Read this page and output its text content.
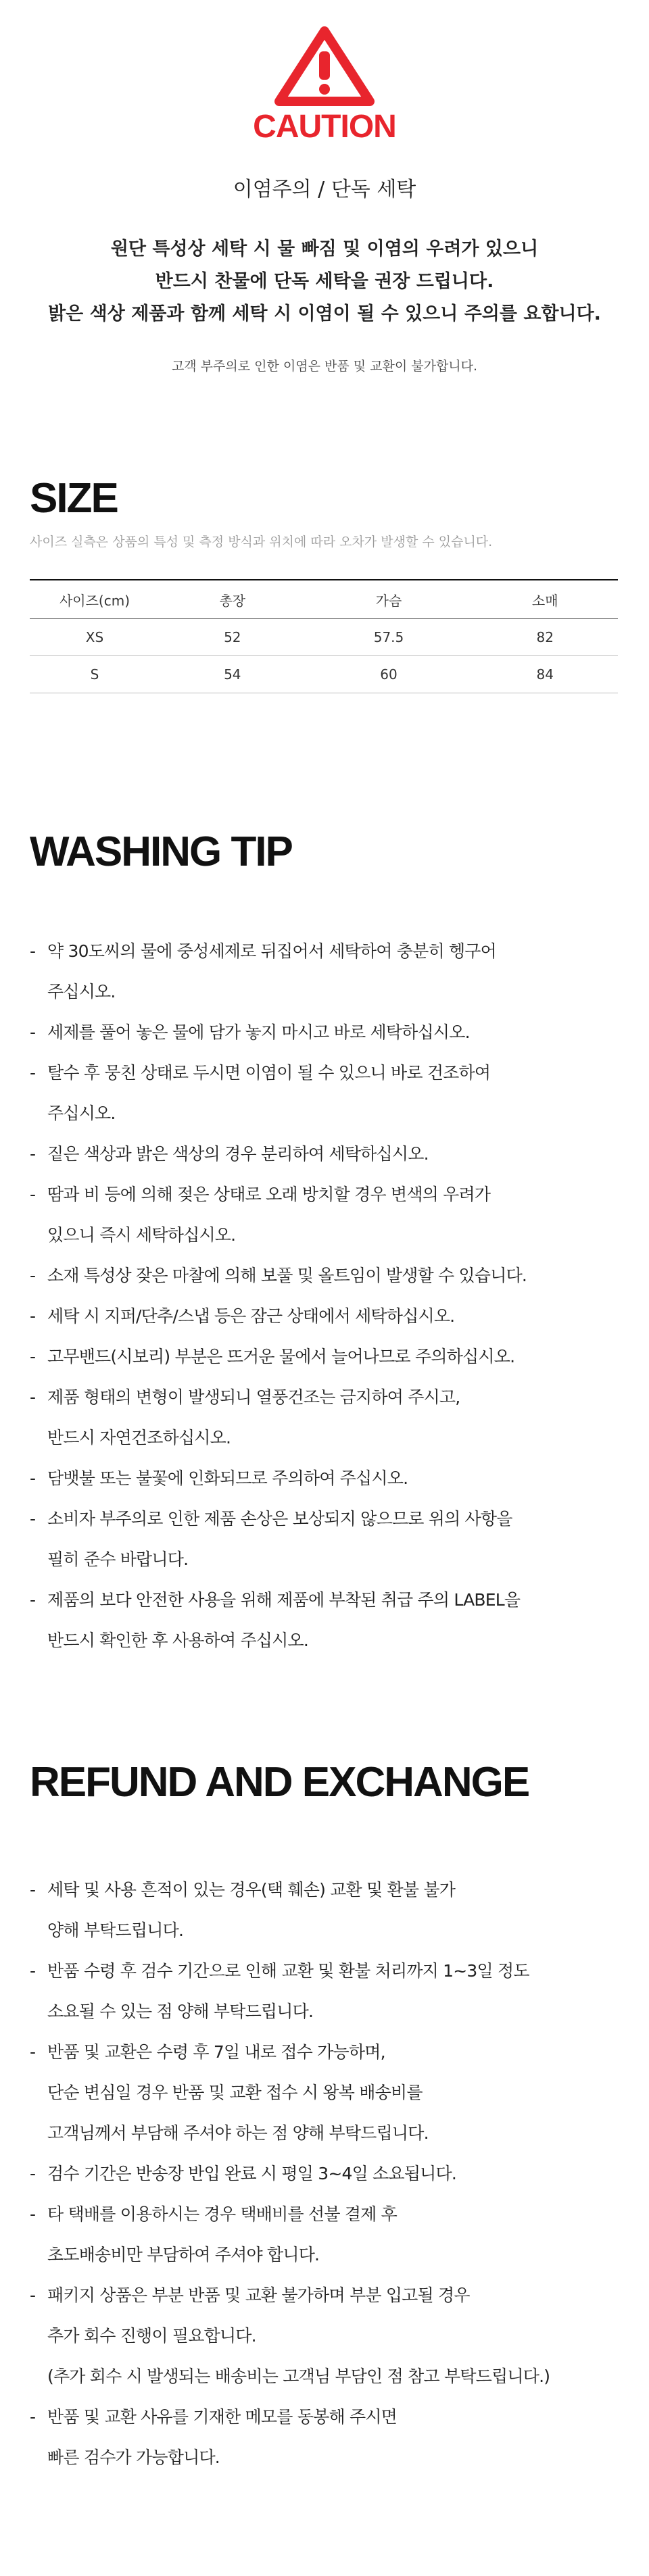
CAUTION
이염주의 / 단독 세탁
원단 특성상 세탁 시 물 빠짐 및 이염의 우려가 있으니
반드시 찬물에 단독 세탁을 권장 드립니다.
밝은 색상 제품과 함께 세탁 시 이염이 될 수 있으니 주의를 요합니다.
고객 부주의로 인한 이염은 반품 및 교환이 불가합니다.
SIZE
사이즈 실측은 상품의 특성 및 측정 방식과 위치에 따라 오차가 발생할 수 있습니다.
사이즈(cm)	총장	가슴	소매
XS	52	57.5	82
S	54	60	84
WASHING TIP
- 약 30도씨의 물에 중성세제로 뒤집어서 세탁하여 충분히 헹구어
주십시오.
- 세제를 풀어 놓은 물에 담가 놓지 마시고 바로 세탁하십시오.
- 탈수 후 뭉친 상태로 두시면 이염이 될 수 있으니 바로 건조하여
주십시오.
- 짙은 색상과 밝은 색상의 경우 분리하여 세탁하십시오.
- 땀과 비 등에 의해 젖은 상태로 오래 방치할 경우 변색의 우려가
있으니 즉시 세탁하십시오.
- 소재 특성상 잦은 마찰에 의해 보풀 및 올트임이 발생할 수 있습니다.
- 세탁 시 지퍼/단추/스냅 등은 잠근 상태에서 세탁하십시오.
- 고무밴드(시보리) 부분은 뜨거운 물에서 늘어나므로 주의하십시오.
- 제품 형태의 변형이 발생되니 열풍건조는 금지하여 주시고,
반드시 자연건조하십시오.
- 담뱃불 또는 불꽃에 인화되므로 주의하여 주십시오.
- 소비자 부주의로 인한 제품 손상은 보상되지 않으므로 위의 사항을
필히 준수 바랍니다.
- 제품의 보다 안전한 사용을 위해 제품에 부착된 취급 주의 LABEL을
반드시 확인한 후 사용하여 주십시오.
REFUND AND EXCHANGE
- 세탁 및 사용 흔적이 있는 경우(택 훼손) 교환 및 환불 불가
양해 부탁드립니다.
- 반품 수령 후 검수 기간으로 인해 교환 및 환불 처리까지 1~3일 정도
소요될 수 있는 점 양해 부탁드립니다.
- 반품 및 교환은 수령 후 7일 내로 접수 가능하며,
단순 변심일 경우 반품 및 교환 접수 시 왕복 배송비를
고객님께서 부담해 주셔야 하는 점 양해 부탁드립니다.
- 검수 기간은 반송장 반입 완료 시 평일 3~4일 소요됩니다.
- 타 택배를 이용하시는 경우 택배비를 선불 결제 후
초도배송비만 부담하여 주셔야 합니다.
- 패키지 상품은 부분 반품 및 교환 불가하며 부분 입고될 경우
추가 회수 진행이 필요합니다.
(추가 회수 시 발생되는 배송비는 고객님 부담인 점 참고 부탁드립니다.)
- 반품 및 교환 사유를 기재한 메모를 동봉해 주시면
빠른 검수가 가능합니다.
